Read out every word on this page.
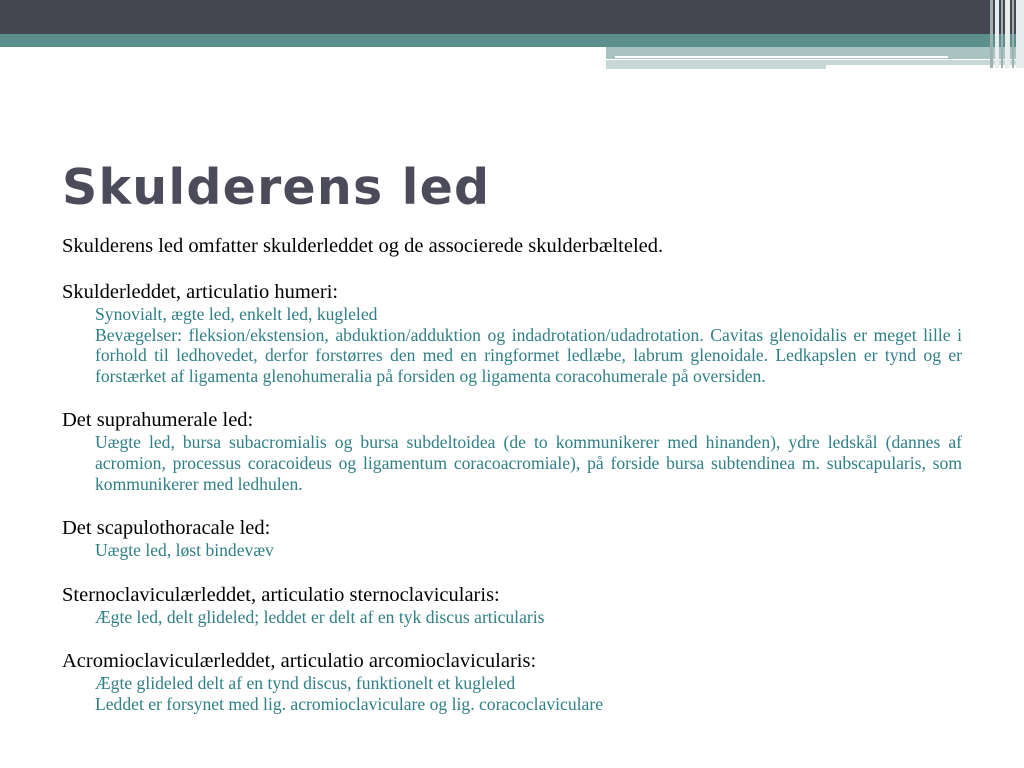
Skulderens led

Skulderens led omfatter skulderleddet og de associerede skulderbælteled.

Skulderleddet, articulatio humeri:

Synovialt, ægte led, enkelt led, kugleled

Bevægelser: fleksion/ekstension, abduktion/adduktion og indadrotation/udadrotation. Cavitas glenoidalis er meget lille i forhold til ledhovedet, derfor forstørres den med en ringformet ledlæbe, labrum glenoidale. Ledkapslen er tynd og er forstærket af ligamenta glenohumeralia på forsiden og ligamenta coracohumerale på oversiden.

Det suprahumerale led:

Uægte led, bursa subacromialis og bursa subdeltoidea (de to kommunikerer med hinanden), ydre ledskål (dannes af acromion, processus coracoideus og ligamentum coracoacromiale), på forside bursa subtendinea m. subscapularis, som kommunikerer med ledhulen.

Det scapulothoracale led:

Uægte led, løst bindevæv

Sternoclaviculærleddet, articulatio sternoclavicularis:

Ægte led, delt glideled; leddet er delt af en tyk discus articularis

Acromioclaviculærleddet, articulatio arcomioclavicularis:

Ægte glideled delt af en tynd discus, funktionelt et kugleled

Leddet er forsynet med lig. acromioclaviculare og lig. coracoclaviculare
